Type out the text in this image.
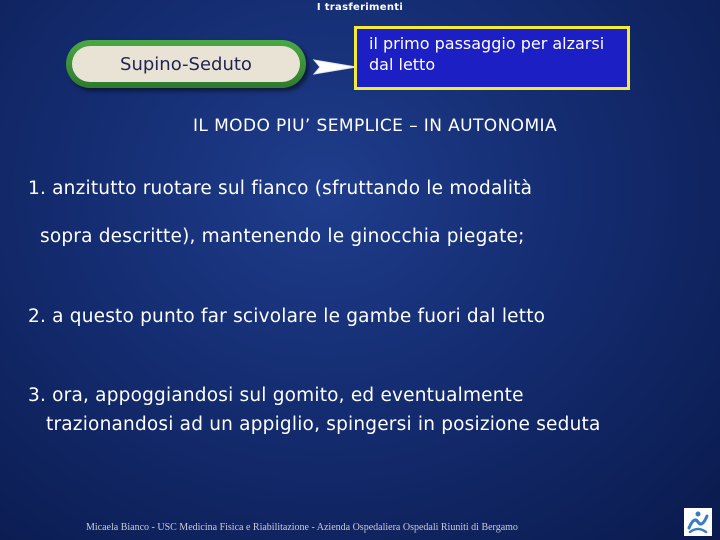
I trasferimenti
Supino-Seduto
il primo passaggio per alzarsi dal letto
IL MODO PIU’ SEMPLICE – IN AUTONOMIA
1. anzitutto ruotare sul fianco (sfruttando le modalità
sopra descritte), mantenendo le ginocchia piegate;
2. a questo punto far scivolare le gambe fuori dal letto
3. ora, appoggiandosi sul gomito, ed eventualmente
trazionandosi ad un appiglio, spingersi in posizione seduta
Micaela Bianco - USC Medicina Fisica e Riabilitazione - Azienda Ospedaliera Ospedali Riuniti di Bergamo
